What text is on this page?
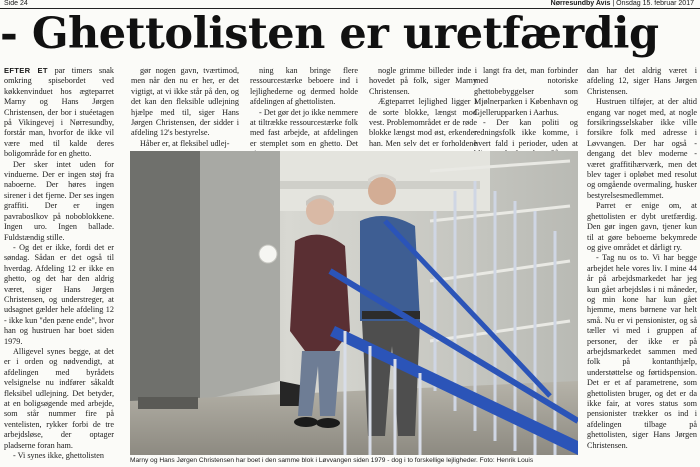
Side 24	Nørresundby Avis | Onsdag 15. februar 2017
- Ghettolisten er uretfærdig

EFTER ET par timers snak omkring spisebordet ved køkkenvinduet hos ægteparret Marny og Hans Jørgen Christensen, der bor i stuéetagen på Vikingevej i Nørresundby, forstår man, hvorfor de ikke vil være med til kalde deres boligområde for en ghetto.

Der sker intet uden for vinduerne. Der er ingen støj fra naboerne. Der høres ingen sirener i det fjerne. Der ses ingen graffiti. Der er ingen pavraboslkov på noboblokkene. Ingen uro. Ingen ballade. Fuldstændig stille.

- Og det er ikke, fordi det er søndag. Sådan er det også til hverdag. Afdeling 12 er ikke en ghetto, og det har den aldrig været, siger Hans Jørgen Christensen, og understreger, at udsagnet gælder hele afdeling 12 - ikke kun "den pæne ende", hvor han og hustruen har boet siden 1979.

Alligevel synes begge, at det er i orden og nødvendigt, at afdelingen med byrådets velsignelse nu indfører såkaldt fleksibel udlejning. Det betyder, at en boligsøgende med arbejde, som står nummer fire på ventelisten, rykker forbi de tre arbejdsløse, der optager pladserne foran ham.

- Vi synes ikke, ghettolisten

gør nogen gavn, tværtimod, men når den nu er her, er det vigtigt, at vi ikke står på den, og det kan den fleksible udlejning hjælpe med til, siger Hans Jørgen Christensen, der sidder i afdeling 12's bestyrelse.

Håber er, at fleksibel udlej-

ning kan bringe flere ressourcestærke beboere ind i lejlighederne og dermed holde afdelingen af ghettolisten.

- Det gør det jo ikke nemmere at tiltrække ressourcestærke folk med fast arbejde, at afdelingen er stemplet som en ghetto. Det

nogle grimme billeder inde i hovedet på folk, siger Marny Christensen.

Ægteparret lejlighed ligger i de sorte blokke, længst mod vest. Problemområdet er de røde blokke længst mod øst, erkender han. Men selv det er forholdene

langt fra det, man forbinder med notoriske ghettobebyggelser som Mjølnerparken i København og Gjellerupparken i Aarhus.

- Der kan politi og redningsfolk ikke komme, i hvert fald i perioder, uden at

dan har det aldrig været i afdeling 12, siger Hans Jørgen Christensen.

Hustruen tilføjer, at der altid engang var noget med, at nogle forsikringsselskaber ikke ville forsikre folk med adresse i Løvvangen. Der har også - dengang det blev moderne - været graffitihærværk, men det blev tager i opløbet med resolut og omgående overmaling, husker bestyrelsesmedlemmet.

Parret er enige om, at ghettolisten er dybt uretfærdig. Den gør ingen gavn, tjener kun til at gøre beboerne bekymrede og give området et dårligt ry.

- Tag nu os to. Vi har begge arbejdet hele vores liv. I mine 44 år på arbejdsmarkedet har jeg kun gået arbejdsløs i ni måneder, og min kone har kun gået hjemme, mens børnene var helt små. Nu er vi pensionister, og så tæller vi med i gruppen af personer, der ikke er på arbejdsmarkedet sammen med folk på kontanthjælp, understøttelse og førtidspension. Det er et af parametrene, som ghettolisten bruger, og det er da ikke fair, at vores status som pensionister trækker os ind i afdelingen tilbage på ghettolisten, siger Hans Jørgen Christensen.

Marny og Hans Jørgen Christensen har boet i den samme blok i Løvvangen siden 1979 - dog i to forskellige lejligheder. Foto: Henrik Louis
